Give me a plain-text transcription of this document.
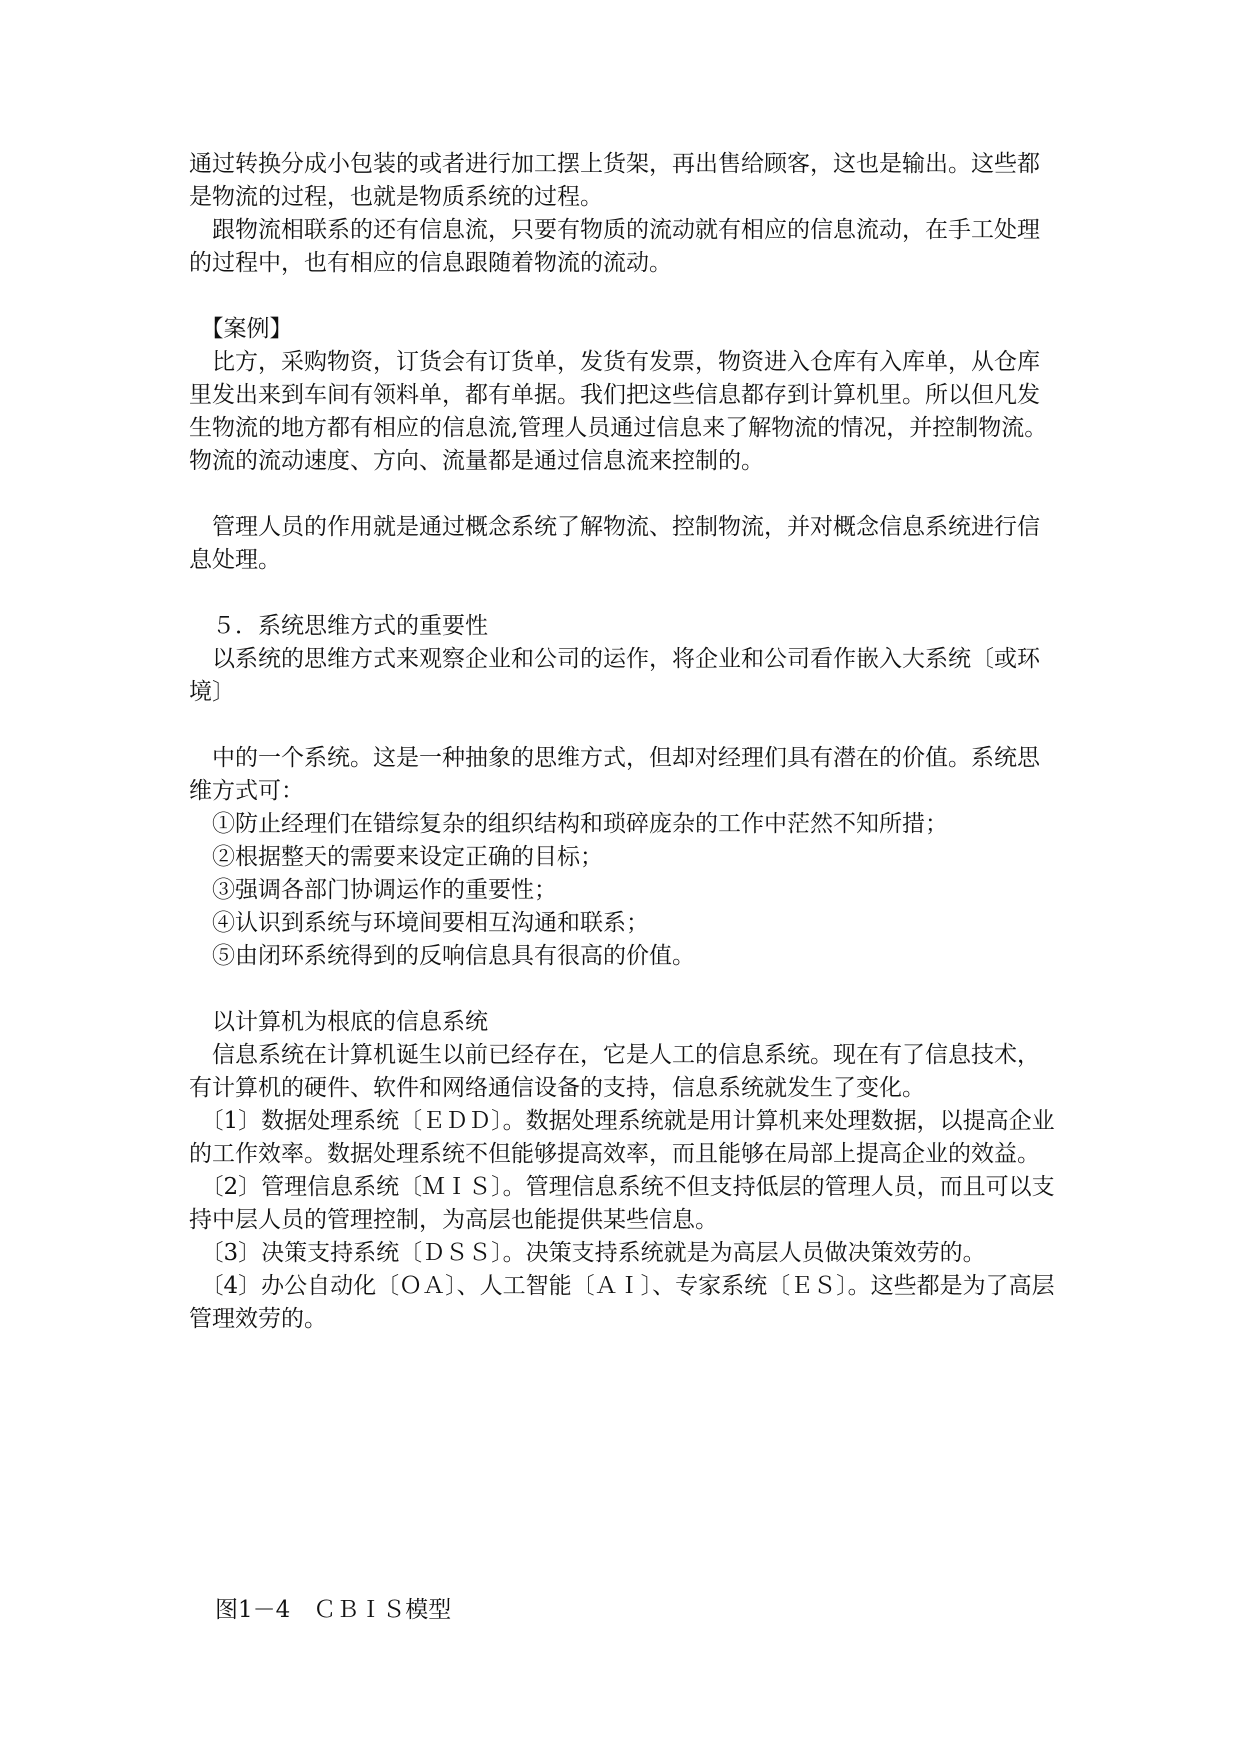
通过转换分成小包装的或者进行加工摆上货架，再出售给顾客，这也是输出。这些都是物流的过程，也就是物质系统的过程。

　跟物流相联系的还有信息流，只要有物质的流动就有相应的信息流动，在手工处理的过程中，也有相应的信息跟随着物流的流动。

　【案例】

　比方，采购物资，订货会有订货单，发货有发票，物资进入仓库有入库单，从仓库里发出来到车间有领料单，都有单据。我们把这些信息都存到计算机里。所以但凡发生物流的地方都有相应的信息流,管理人员通过信息来了解物流的情况，并控制物流。物流的流动速度、方向、流量都是通过信息流来控制的。

　管理人员的作用就是通过概念系统了解物流、控制物流，并对概念信息系统进行信息处理。

　５．系统思维方式的重要性

　以系统的思维方式来观察企业和公司的运作，将企业和公司看作嵌入大系统〔或环境〕

　中的一个系统。这是一种抽象的思维方式，但却对经理们具有潜在的价值。系统思维方式可：

　①防止经理们在错综复杂的组织结构和琐碎庞杂的工作中茫然不知所措；

　②根据整天的需要来设定正确的目标；

　③强调各部门协调运作的重要性；

　④认识到系统与环境间要相互沟通和联系；

　⑤由闭环系统得到的反响信息具有很高的价值。

　以计算机为根底的信息系统

　信息系统在计算机诞生以前已经存在，它是人工的信息系统。现在有了信息技术，有计算机的硬件、软件和网络通信设备的支持，信息系统就发生了变化。

　〔1〕数据处理系统〔ＥＤＤ〕。数据处理系统就是用计算机来处理数据，以提高企业的工作效率。数据处理系统不但能够提高效率，而且能够在局部上提高企业的效益。

　〔2〕管理信息系统〔ＭＩＳ〕。管理信息系统不但支持低层的管理人员，而且可以支持中层人员的管理控制，为高层也能提供某些信息。

　〔3〕决策支持系统〔ＤＳＳ〕。决策支持系统就是为高层人员做决策效劳的。

　〔4〕办公自动化〔ＯＡ〕、人工智能〔ＡＩ〕、专家系统〔ＥＳ〕。这些都是为了高层管理效劳的。

图1－4　ＣＢＩＳ模型
